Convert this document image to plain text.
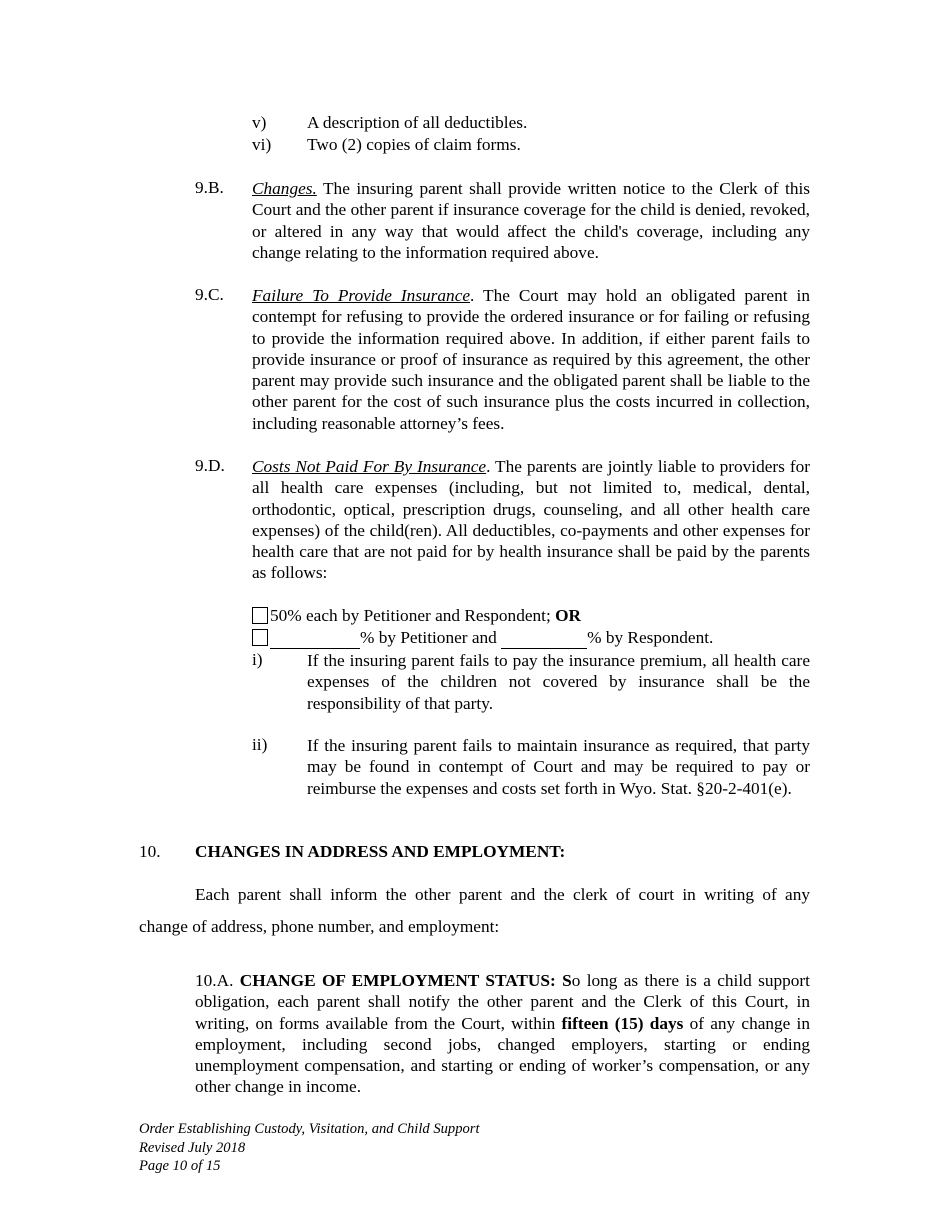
v) A description of all deductibles.
vi) Two (2) copies of claim forms.
9.B. Changes. The insuring parent shall provide written notice to the Clerk of this Court and the other parent if insurance coverage for the child is denied, revoked, or altered in any way that would affect the child's coverage, including any change relating to the information required above.

9.C. Failure To Provide Insurance. The Court may hold an obligated parent in contempt for refusing to provide the ordered insurance or for failing or refusing to provide the information required above. In addition, if either parent fails to provide insurance or proof of insurance as required by this agreement, the other parent may provide such insurance and the obligated parent shall be liable to the other parent for the cost of such insurance plus the costs incurred in collection, including reasonable attorney’s fees.

9.D. Costs Not Paid For By Insurance. The parents are jointly liable to providers for all health care expenses (including, but not limited to, medical, dental, orthodontic, optical, prescription drugs, counseling, and all other health care expenses) of the child(ren). All deductibles, co-payments and other expenses for health care that are not paid for by health insurance shall be paid by the parents as follows:

50% each by Petitioner and Respondent; OR
% by Petitioner and	% by Respondent.
i)	If the insuring parent fails to pay the insurance premium, all health care expenses of the children not covered by insurance shall be the responsibility of that party.

ii) If the insuring parent fails to maintain insurance as required, that party may be found in contempt of Court and may be required to pay or reimburse the expenses and costs set forth in Wyo. Stat. §20-2-401(e).

10. CHANGES IN ADDRESS AND EMPLOYMENT:
Each parent shall inform the other parent and the clerk of court in writing of any
change of address, phone number, and employment:

10.A. CHANGE OF EMPLOYMENT STATUS: So long as there is a child support obligation, each parent shall notify the other parent and the Clerk of this Court, in writing, on forms available from the Court, within fifteen (15) days of any change in employment, including second jobs, changed employers, starting or ending unemployment compensation, and starting or ending of worker’s compensation, or any other change in income.

Order Establishing Custody, Visitation, and Child Support
Revised July 2018
Page 10 of 15
